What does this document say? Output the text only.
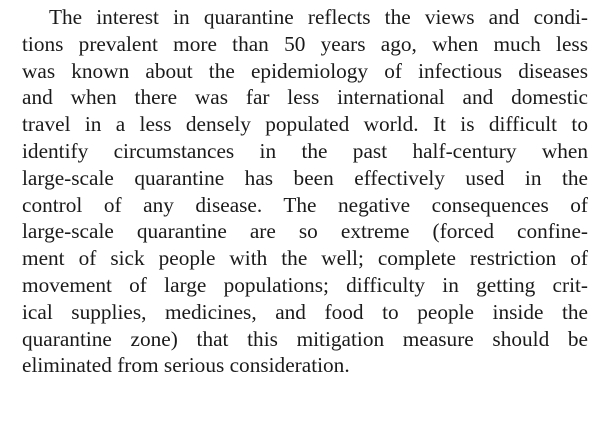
The interest in quarantine reflects the views and condi-
tions prevalent more than 50 years ago, when much less
was known about the epidemiology of infectious diseases
and when there was far less international and domestic
travel in a less densely populated world. It is difficult to
identify circumstances in the past half-century when
large-scale quarantine has been effectively used in the
control of any disease. The negative consequences of
large-scale quarantine are so extreme (forced confine-
ment of sick people with the well; complete restriction of
movement of large populations; difficulty in getting crit-
ical supplies, medicines, and food to people inside the
quarantine zone) that this mitigation measure should be
eliminated from serious consideration.
